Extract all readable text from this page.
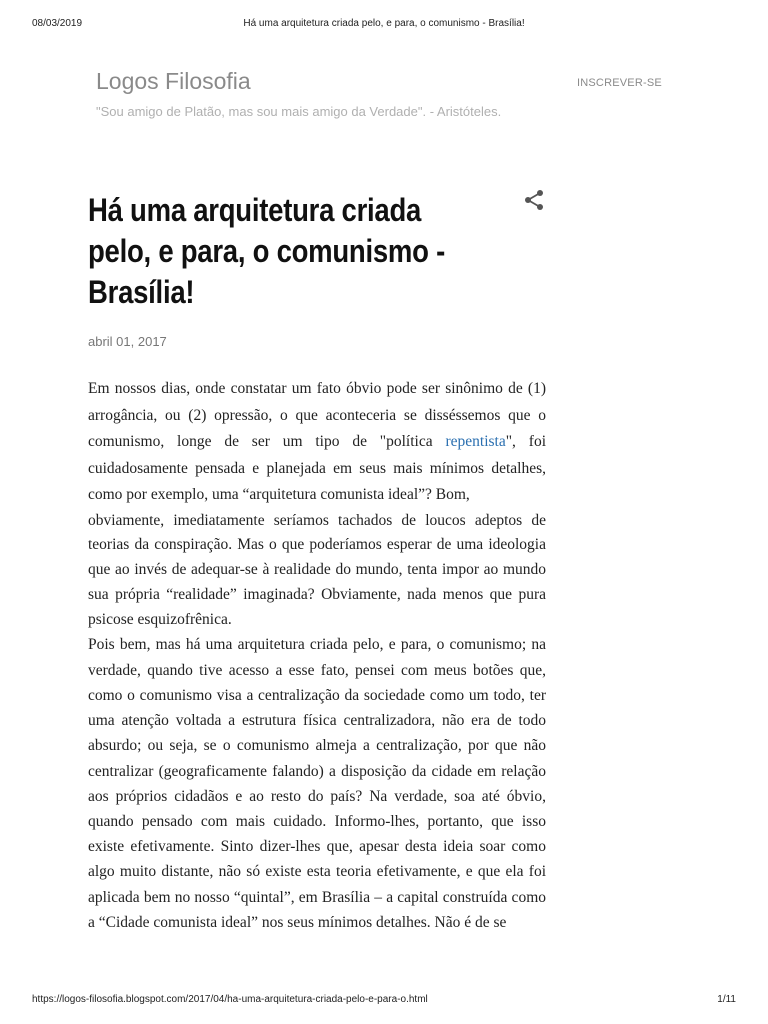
08/03/2019	Há uma arquitetura criada pelo, e para, o comunismo - Brasília!
Logos Filosofia	INSCREVER-SE
"Sou amigo de Platão, mas sou mais amigo da Verdade". - Aristóteles.
Há uma arquitetura criada pelo, e para, o comunismo - Brasília!
abril 01, 2017

Em nossos dias, onde constatar um fato óbvio pode ser sinônimo de (1) arrogância, ou (2) opressão, o que aconteceria se disséssemos que o comunismo, longe de ser um tipo de "política repentista", foi cuidadosamente pensada e planejada em seus mais mínimos detalhes, como por exemplo, uma “arquitetura comunista ideal”? Bom,

obviamente, imediatamente seríamos tachados de loucos adeptos de teorias da conspiração. Mas o que poderíamos esperar de uma ideologia que ao invés de adequar-se à realidade do mundo, tenta impor ao mundo sua própria “realidade” imaginada? Obviamente, nada menos que pura psicose esquizofrênica.

Pois bem, mas há uma arquitetura criada pelo, e para, o comunismo; na verdade, quando tive acesso a esse fato, pensei com meus botões que, como o comunismo visa a centralização da sociedade como um todo, ter uma atenção voltada a estrutura física centralizadora, não era de todo absurdo; ou seja, se o comunismo almeja a centralização, por que não centralizar (geograficamente falando) a disposição da cidade em relação aos próprios cidadãos e ao resto do país? Na verdade, soa até óbvio, quando pensado com mais cuidado. Informo-lhes, portanto, que isso existe efetivamente. Sinto dizer-lhes que, apesar desta ideia soar como algo muito distante, não só existe esta teoria efetivamente, e que ela foi aplicada bem no nosso “quintal”, em Brasília – a capital construída como a “Cidade comunista ideal” nos seus mínimos detalhes. Não é de se

https://logos-filosofia.blogspot.com/2017/04/ha-uma-arquitetura-criada-pelo-e-para-o.html	1/11
